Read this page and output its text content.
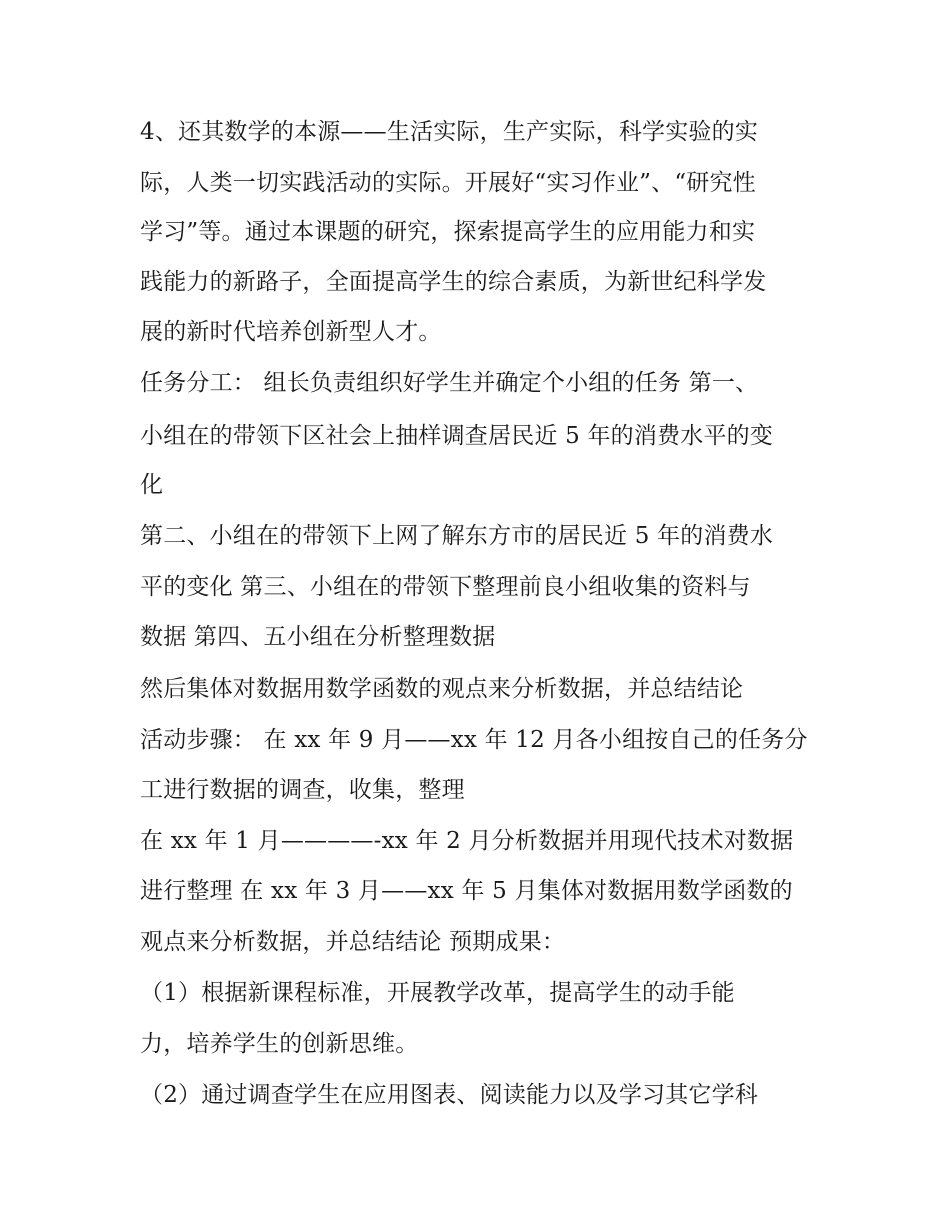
4、还其数学的本源——生活实际，生产实际，科学实验的实
际，人类一切实践活动的实际。开展好“实习作业”、“研究性
学习”等。通过本课题的研究，探索提高学生的应用能力和实
践能力的新路子，全面提高学生的综合素质，为新世纪科学发
展的新时代培养创新型人才。
任务分工： 组长负责组织好学生并确定个小组的任务 第一、
小组在的带领下区社会上抽样调查居民近 5 年的消费水平的变
化
第二、小组在的带领下上网了解东方市的居民近 5 年的消费水
平的变化 第三、小组在的带领下整理前良小组收集的资料与
数据 第四、五小组在分析整理数据
然后集体对数据用数学函数的观点来分析数据，并总结结论
活动步骤： 在 xx 年 9 月——xx 年 12 月各小组按自己的任务分
工进行数据的调查，收集，整理
在 xx 年 1 月————-xx 年 2 月分析数据并用现代技术对数据
进行整理 在 xx 年 3 月——xx 年 5 月集体对数据用数学函数的
观点来分析数据，并总结结论 预期成果：
（1）根据新课程标准，开展教学改革，提高学生的动手能
力，培养学生的创新思维。
（2）通过调查学生在应用图表、阅读能力以及学习其它学科
